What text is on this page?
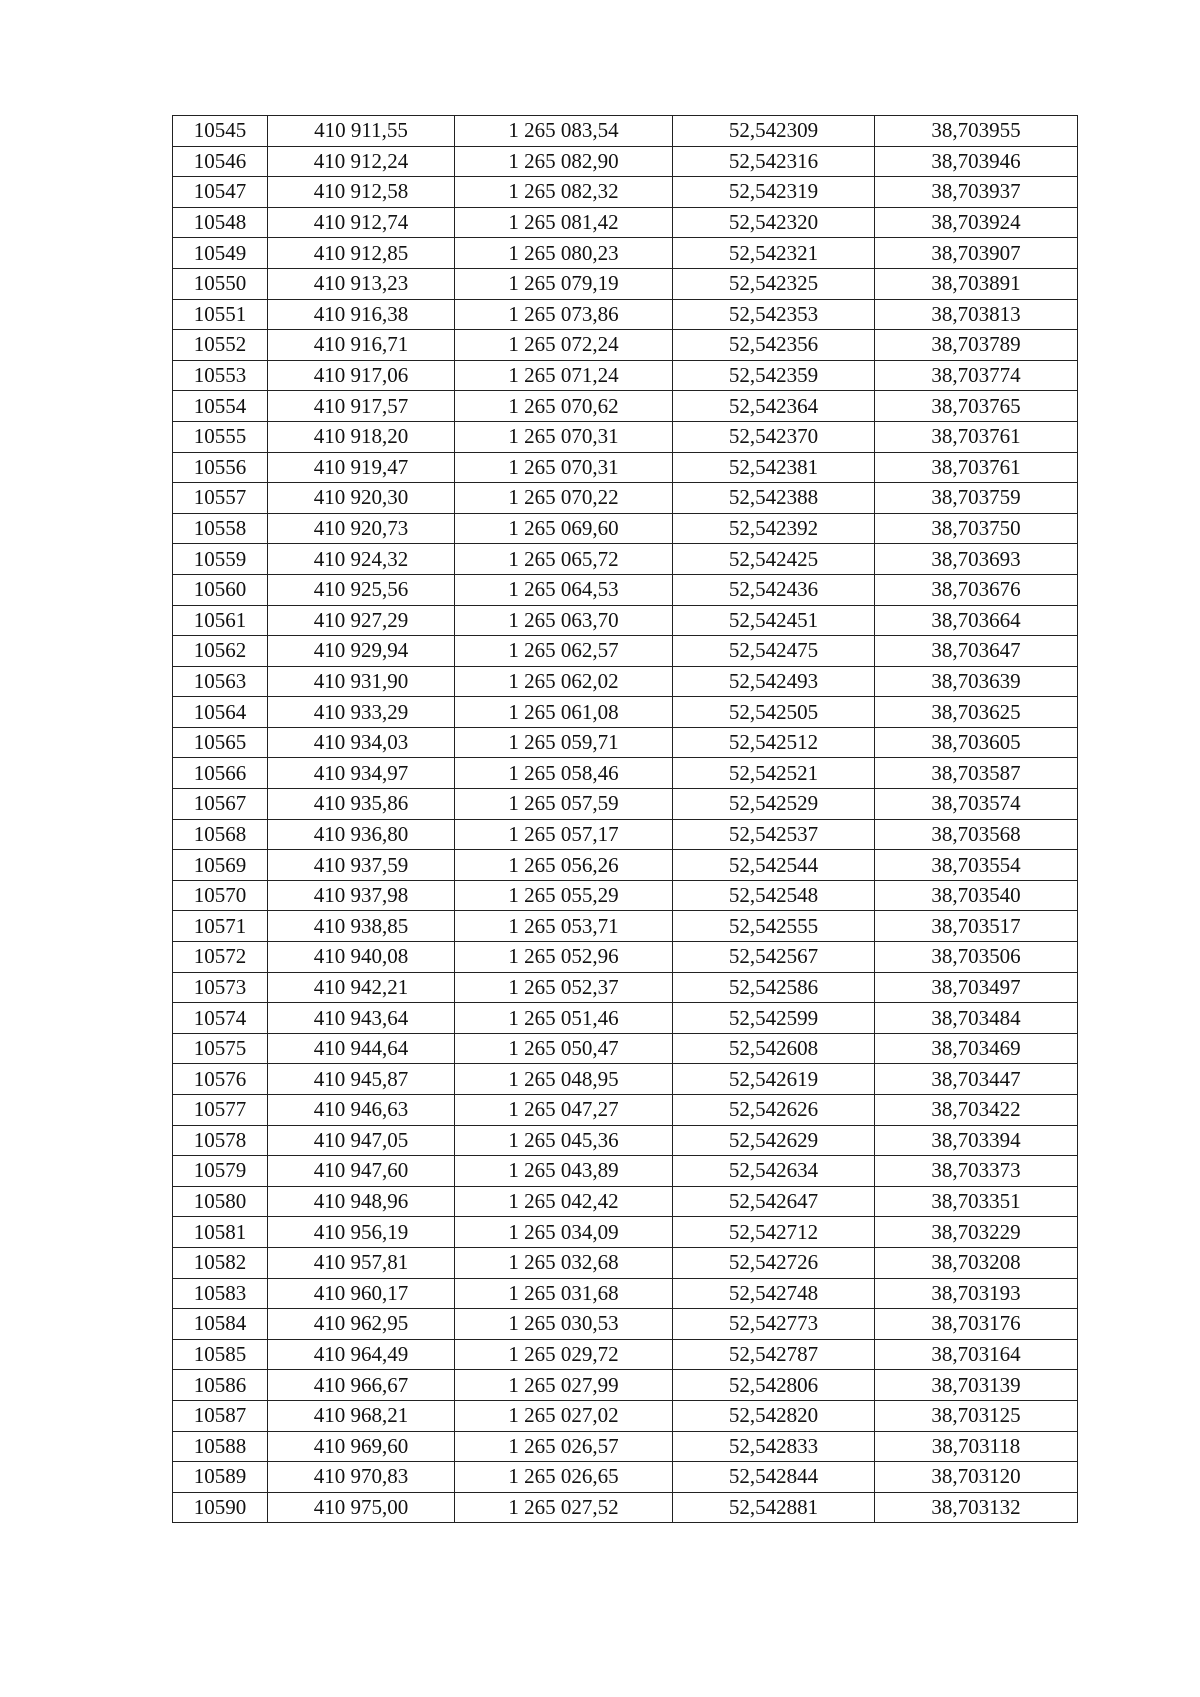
10545	410 911,55	1 265 083,54	52,542309	38,703955
10546	410 912,24	1 265 082,90	52,542316	38,703946
10547	410 912,58	1 265 082,32	52,542319	38,703937
10548	410 912,74	1 265 081,42	52,542320	38,703924
10549	410 912,85	1 265 080,23	52,542321	38,703907
10550	410 913,23	1 265 079,19	52,542325	38,703891
10551	410 916,38	1 265 073,86	52,542353	38,703813
10552	410 916,71	1 265 072,24	52,542356	38,703789
10553	410 917,06	1 265 071,24	52,542359	38,703774
10554	410 917,57	1 265 070,62	52,542364	38,703765
10555	410 918,20	1 265 070,31	52,542370	38,703761
10556	410 919,47	1 265 070,31	52,542381	38,703761
10557	410 920,30	1 265 070,22	52,542388	38,703759
10558	410 920,73	1 265 069,60	52,542392	38,703750
10559	410 924,32	1 265 065,72	52,542425	38,703693
10560	410 925,56	1 265 064,53	52,542436	38,703676
10561	410 927,29	1 265 063,70	52,542451	38,703664
10562	410 929,94	1 265 062,57	52,542475	38,703647
10563	410 931,90	1 265 062,02	52,542493	38,703639
10564	410 933,29	1 265 061,08	52,542505	38,703625
10565	410 934,03	1 265 059,71	52,542512	38,703605
10566	410 934,97	1 265 058,46	52,542521	38,703587
10567	410 935,86	1 265 057,59	52,542529	38,703574
10568	410 936,80	1 265 057,17	52,542537	38,703568
10569	410 937,59	1 265 056,26	52,542544	38,703554
10570	410 937,98	1 265 055,29	52,542548	38,703540
10571	410 938,85	1 265 053,71	52,542555	38,703517
10572	410 940,08	1 265 052,96	52,542567	38,703506
10573	410 942,21	1 265 052,37	52,542586	38,703497
10574	410 943,64	1 265 051,46	52,542599	38,703484
10575	410 944,64	1 265 050,47	52,542608	38,703469
10576	410 945,87	1 265 048,95	52,542619	38,703447
10577	410 946,63	1 265 047,27	52,542626	38,703422
10578	410 947,05	1 265 045,36	52,542629	38,703394
10579	410 947,60	1 265 043,89	52,542634	38,703373
10580	410 948,96	1 265 042,42	52,542647	38,703351
10581	410 956,19	1 265 034,09	52,542712	38,703229
10582	410 957,81	1 265 032,68	52,542726	38,703208
10583	410 960,17	1 265 031,68	52,542748	38,703193
10584	410 962,95	1 265 030,53	52,542773	38,703176
10585	410 964,49	1 265 029,72	52,542787	38,703164
10586	410 966,67	1 265 027,99	52,542806	38,703139
10587	410 968,21	1 265 027,02	52,542820	38,703125
10588	410 969,60	1 265 026,57	52,542833	38,703118
10589	410 970,83	1 265 026,65	52,542844	38,703120
10590	410 975,00	1 265 027,52	52,542881	38,703132
